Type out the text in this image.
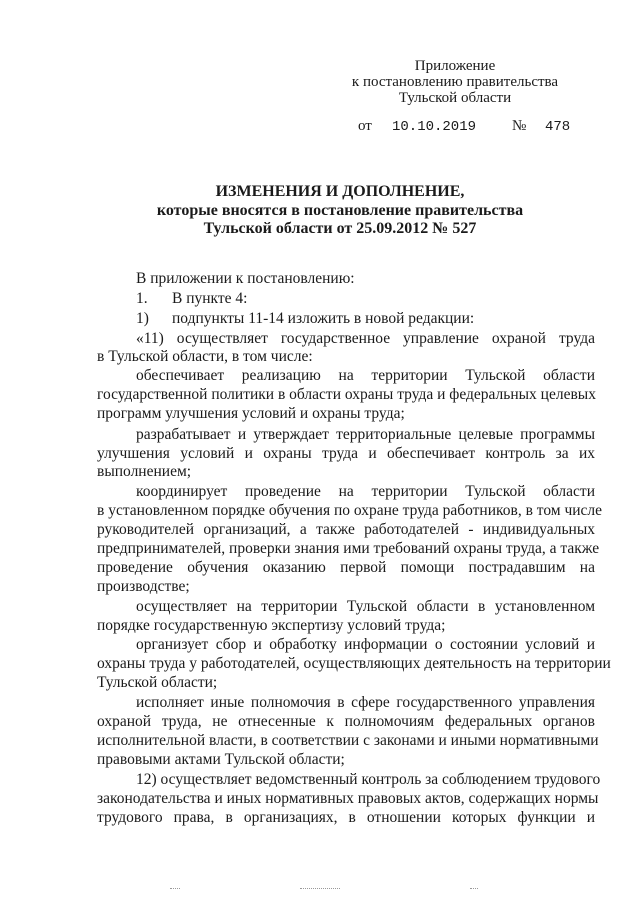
Приложение
к постановлению правительства
Тульской области
от 10.10.2019 № 478
ИЗМЕНЕНИЯ И ДОПОЛНЕНИЕ,
которые вносятся в постановление правительства
Тульской области от 25.09.2012 № 527
В приложении к постановлению:
1.	В пункте 4:
1)	подпункты 11-14 изложить в новой редакции:
«11) осуществляет государственное управление охраной труда
в Тульской области, в том числе:
обеспечивает реализацию на территории Тульской области
государственной политики в области охраны труда и федеральных целевых
программ улучшения условий и охраны труда;
разрабатывает и утверждает территориальные целевые программы
улучшения условий и охраны труда и обеспечивает контроль за их
выполнением;
координирует проведение на территории Тульской области
в установленном порядке обучения по охране труда работников, в том числе
руководителей организаций, а также работодателей - индивидуальных
предпринимателей, проверки знания ими требований охраны труда, а также
проведение обучения оказанию первой помощи пострадавшим на
производстве;
осуществляет на территории Тульской области в установленном
порядке государственную экспертизу условий труда;
организует сбор и обработку информации о состоянии условий и
охраны труда у работодателей, осуществляющих деятельность на территории
Тульской области;
исполняет иные полномочия в сфере государственного управления
охраной труда, не отнесенные к полномочиям федеральных органов
исполнительной власти, в соответствии с законами и иными нормативными
правовыми актами Тульской области;
12) осуществляет ведомственный контроль за соблюдением трудового
законодательства и иных нормативных правовых актов, содержащих нормы
трудового права, в организациях, в отношении которых функции и
